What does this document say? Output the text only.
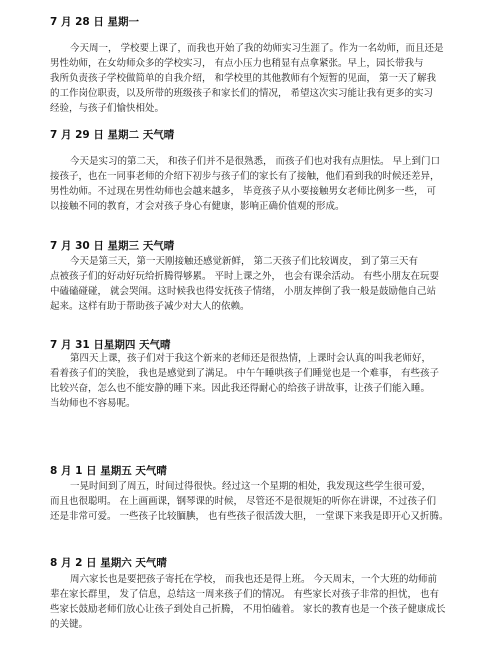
7 月 28 日 星期一
今天周一， 学校要上课了，而我也开始了我的幼师实习生涯了。作为一名幼师，而且还是
男性幼师，在女幼师众多的学校实习， 有点小压力也稍显有点拿紧张。早上，园长带我与
我所负责孩子学校做简单的自我介绍， 和学校里的其他教师有个短暂的见面， 第一天了解我
的工作岗位职责，以及所带的班级孩子和家长们的情况， 希望这次实习能让我有更多的实习
经验，与孩子们愉快相处。
7 月 29 日 星期二 天气晴
今天是实习的第二天， 和孩子们并不是很熟悉， 而孩子们也对我有点胆怯。 早上到门口
接孩子，也在一同事老师的介绍下初步与孩子们的家长有了接触，他们看到我的时候还差异，
男性幼师。不过现在男性幼师也会越来越多， 毕竟孩子从小要接触男女老师比例多一些， 可
以接触不同的教育，才会对孩子身心有健康，影响正确价值观的形成。
7 月 30 日 星期三 天气晴
今天是第三天，第一天刚接触还感觉新鲜， 第二天孩子们比较调皮， 到了第三天有
点被孩子们的好动好玩给折腾得够累。 平时上课之外， 也会有课余活动。 有些小朋友在玩耍
中磕磕碰碰， 就会哭闹。这时候我也得安抚孩子情绪， 小朋友摔倒了我一般是鼓励他自己站
起来。这样有助于帮助孩子减少对大人的依赖。
7 月 31 日星期四 天气晴
第四天上课，孩子们对于我这个新来的老师还是很热情，上课时会认真的叫我老师好，
看着孩子们的笑脸， 我也是感觉到了满足。 中午午睡哄孩子们睡觉也是一个难事， 有些孩子
比较兴奋，怎么也不能安静的睡下来。因此我还得耐心的给孩子讲故事，让孩子们能入睡。
当幼师也不容易呢。
8 月 1 日 星期五 天气晴
一晃时间到了周五，时间过得很快。经过这一个星期的相处，我发现这些学生很可爱，
而且也很聪明。 在上画画课，钢琴课的时候， 尽管还不是很规矩的听你在讲课，不过孩子们
还是非常可爱。 一些孩子比较腼腆， 也有些孩子很活泼大胆， 一堂课下来我是即开心又折腾。
8 月 2 日 星期六 天气晴
周六家长也是要把孩子寄托在学校， 而我也还是得上班。 今天周末，一个大班的幼师前
辈在家长群里， 发了信息，总结这一周来孩子们的情况。 有些家长对孩子非常的担忧， 也有
些家长鼓励老师们放心让孩子到处自己折腾， 不用怕磕着。 家长的教育也是一个孩子健康成长
的关键。
